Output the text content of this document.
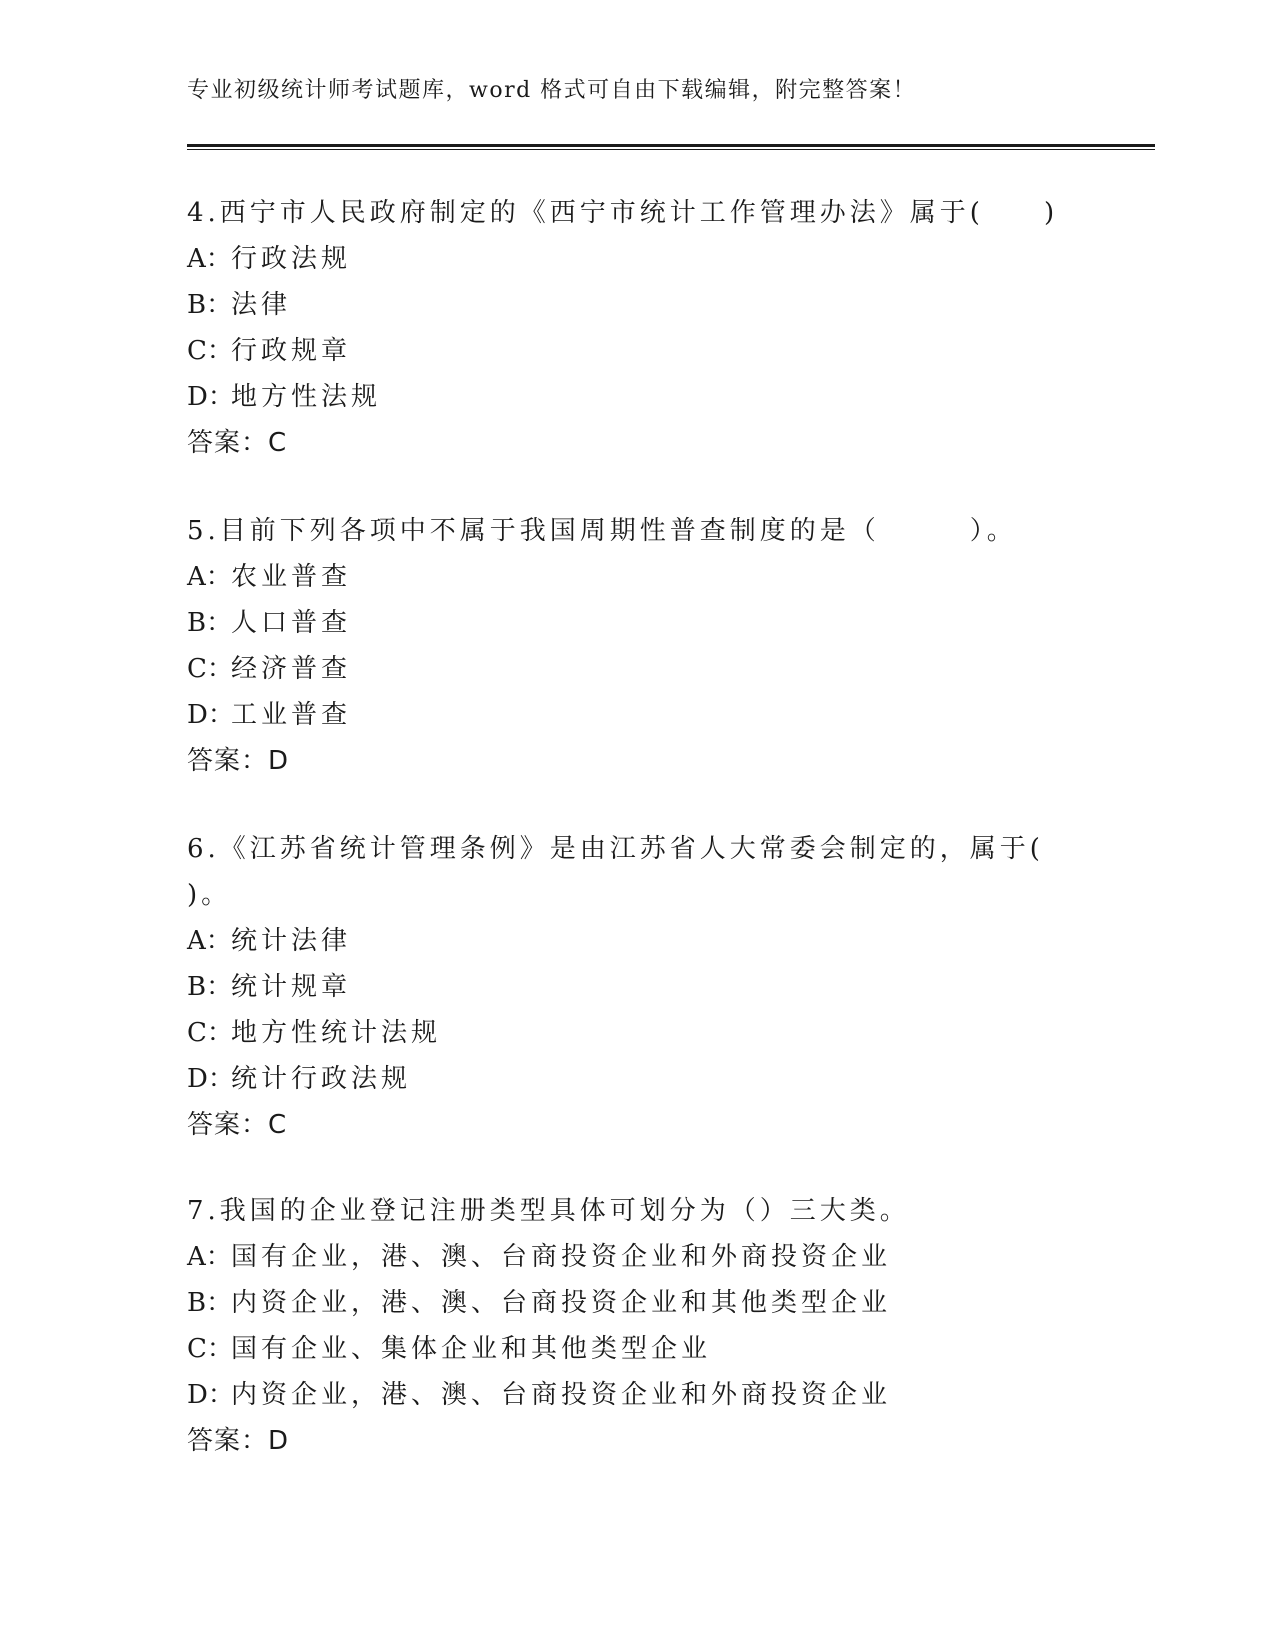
专业初级统计师考试题库，word 格式可自由下载编辑，附完整答案！
4.西宁市人民政府制定的《西宁市统计工作管理办法》属于(　　)
A：行政法规
B：法律
C：行政规章
D：地方性法规
答案：C
5.目前下列各项中不属于我国周期性普查制度的是（　　　）。
A：农业普查
B：人口普查
C：经济普查
D：工业普查
答案：D
6.《江苏省统计管理条例》是由江苏省人大常委会制定的，属于(
)。
A：统计法律
B：统计规章
C：地方性统计法规
D：统计行政法规
答案：C
7.我国的企业登记注册类型具体可划分为（）三大类。
A：国有企业，港、澳、台商投资企业和外商投资企业
B：内资企业，港、澳、台商投资企业和其他类型企业
C：国有企业、集体企业和其他类型企业
D：内资企业，港、澳、台商投资企业和外商投资企业
答案：D
